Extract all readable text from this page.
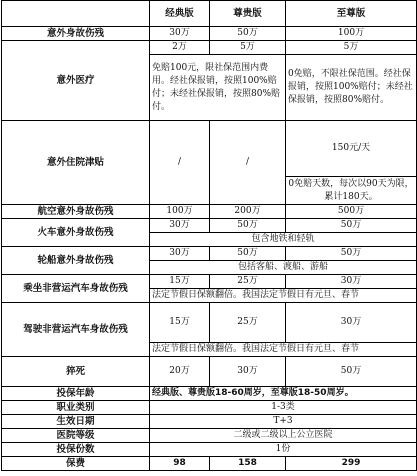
	经典版	尊贵版	至尊版
意外身故伤残	30万	50万	100万
意外医疗	2万	5万	5万
	免赔100元，限社保范围内费用。经社保报销，按照100%赔付；未经社保报销，按照80%赔付。		0免赔，不限社保范围。经社保报销，按照100%赔付；未经社保报销，按照80%赔付。
意外住院津贴	/	/	150元/天
			0免赔天数，每次以90天为限，累计180天。
航空意外身故伤残	100万	200万	500万
火车意外身故伤残	30万	50万	50万
	包含地铁和轻轨		
轮船意外身故伤残	30万	50万	50万
	包括客船、渡船、游船		
乘坐非营运汽车身故伤残	15万	25万	30万
	法定节假日保额翻倍。我国法定节假日有元旦、春节		
驾驶非营运汽车身故伤残	15万	25万	30万
	法定节假日保额翻倍。我国法定节假日有元旦、春节		
猝死	20万	30万	50万
投保年龄	经典版、尊贵版18-60周岁，至尊版18-50周岁。		
职业类别	1-3类		
生效日期	T+3		
医院等级	二级或二级以上公立医院		
投保份数	1份		
保费	98	158	299
